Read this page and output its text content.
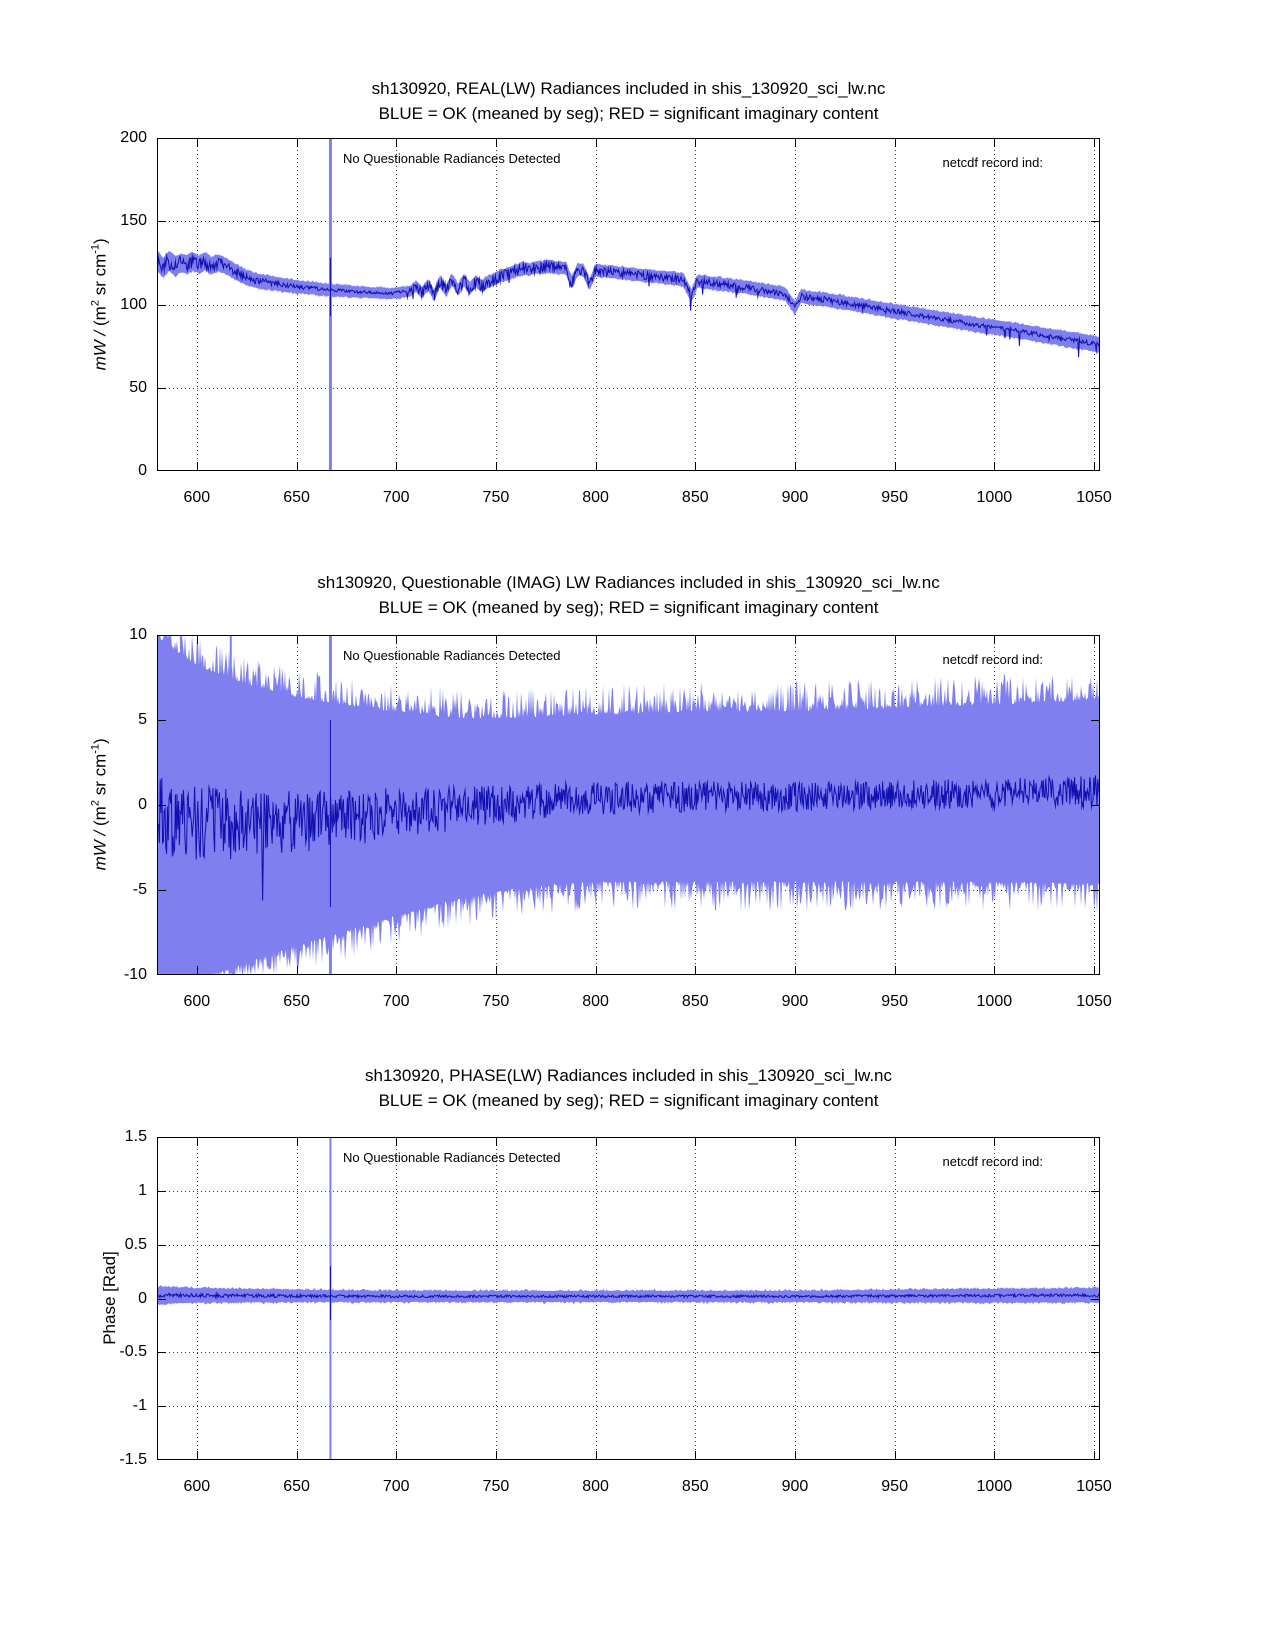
sh130920, REAL(LW) Radiances included in shis_130920_sci_lw.nc
BLUE = OK (meaned by seg); RED = significant imaginary content
mW / ($m^2$ sr $cm^{-1}$)
No Questionable Radiances Detected	netcdf record ind:
sh130920, Questionable (IMAG) LW Radiances included in shis_130920_sci_lw.nc
BLUE = OK (meaned by seg); RED = significant imaginary content
mW / ($m^2$ sr $cm^{-1}$)
No Questionable Radiances Detected	netcdf record ind:
sh130920, PHASE(LW) Radiances included in shis_130920_sci_lw.nc
BLUE = OK (meaned by seg); RED = significant imaginary content
Phase [Rad]
No Questionable Radiances Detected	netcdf record ind:
600	650	700	750	800	850	900	950	1000	1050
0
50
100
150
200
600	650	700	750	800	850	900	950	1000	1050
-10
-5
0
5
10
600	650	700	750	800	850	900	950	1000	1050
-1.5
-1
-0.5
0
0.5
1
1.5
